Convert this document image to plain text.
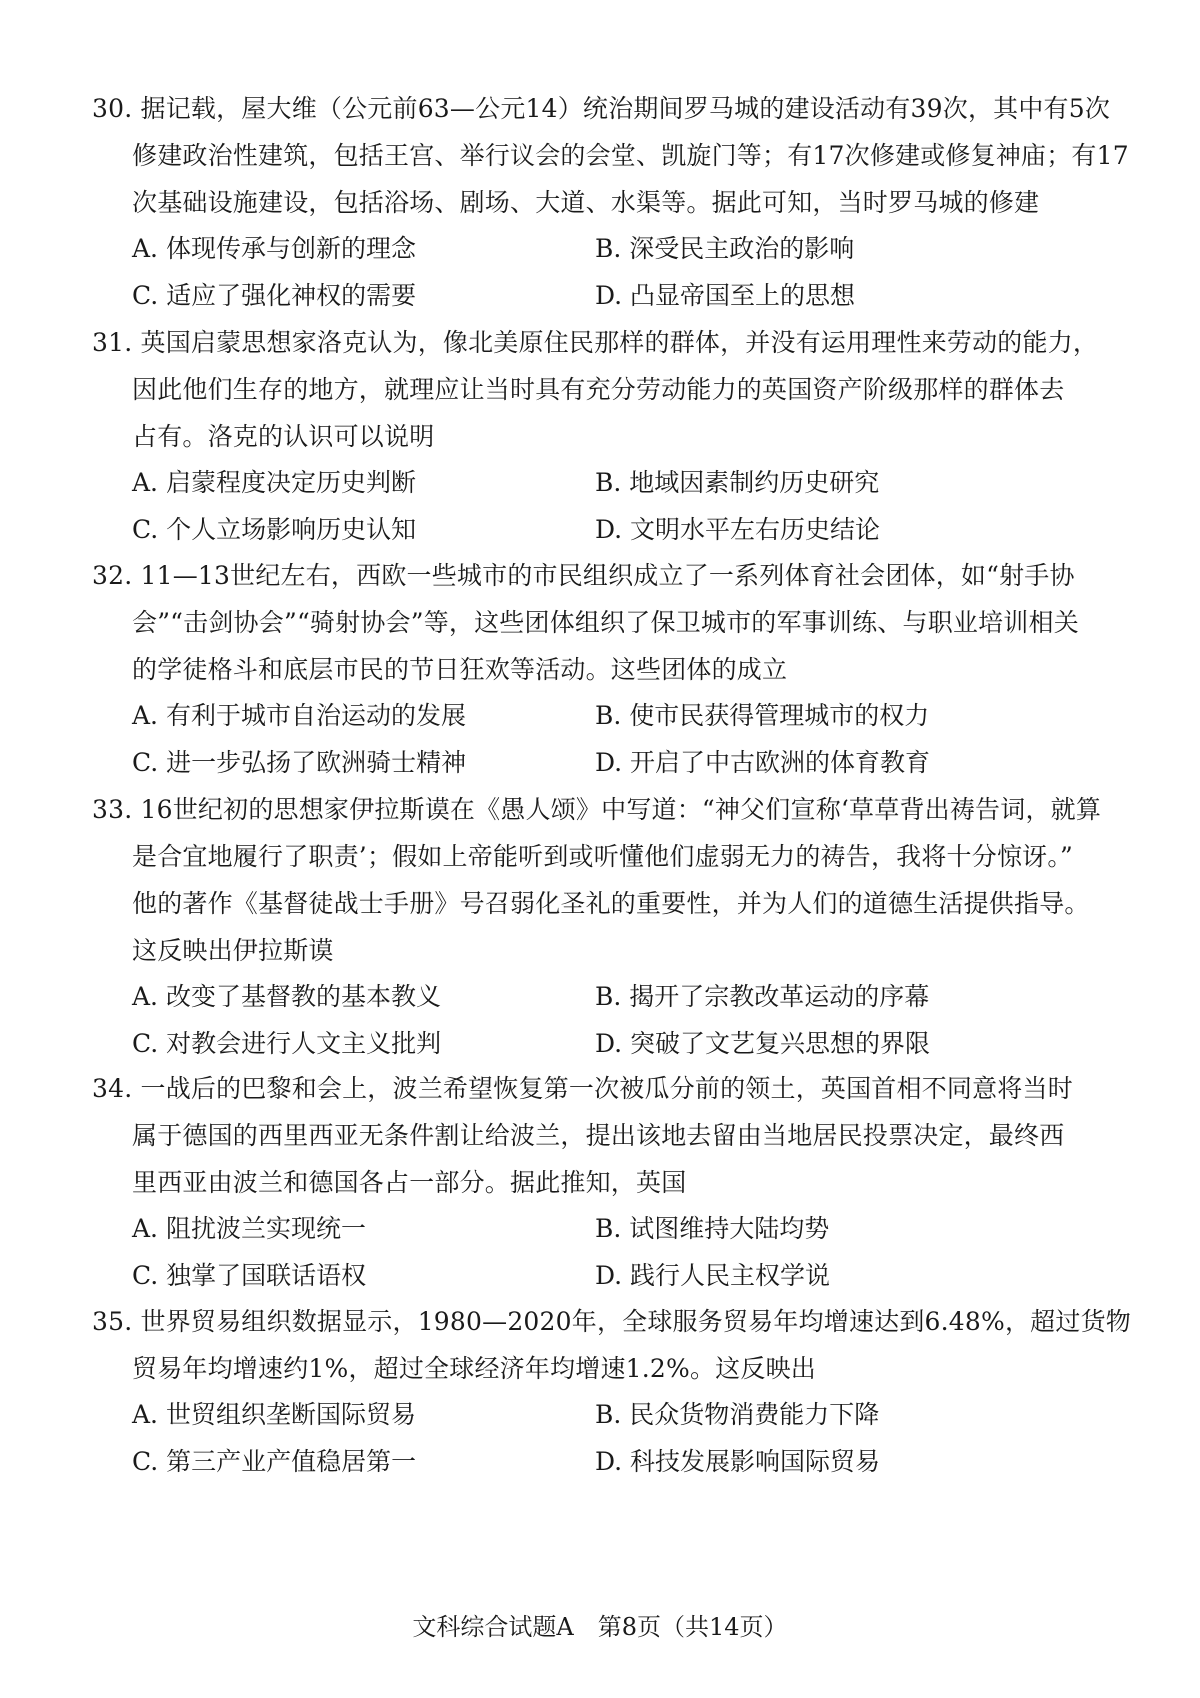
30. 据记载，屋大维（公元前63—公元14）统治期间罗马城的建设活动有39次，其中有5次
修建政治性建筑，包括王宫、举行议会的会堂、凯旋门等；有17次修建或修复神庙；有17
次基础设施建设，包括浴场、剧场、大道、水渠等。据此可知，当时罗马城的修建
A. 体现传承与创新的理念	B. 深受民主政治的影响
C. 适应了强化神权的需要	D. 凸显帝国至上的思想
31. 英国启蒙思想家洛克认为，像北美原住民那样的群体，并没有运用理性来劳动的能力，
因此他们生存的地方，就理应让当时具有充分劳动能力的英国资产阶级那样的群体去
占有。洛克的认识可以说明
A. 启蒙程度决定历史判断	B. 地域因素制约历史研究
C. 个人立场影响历史认知	D. 文明水平左右历史结论
32. 11—13世纪左右，西欧一些城市的市民组织成立了一系列体育社会团体，如“射手协
会”“击剑协会”“骑射协会”等，这些团体组织了保卫城市的军事训练、与职业培训相关
的学徒格斗和底层市民的节日狂欢等活动。这些团体的成立
A. 有利于城市自治运动的发展	B. 使市民获得管理城市的权力
C. 进一步弘扬了欧洲骑士精神	D. 开启了中古欧洲的体育教育
33. 16世纪初的思想家伊拉斯谟在《愚人颂》中写道：“神父们宣称‘草草背出祷告词，就算
是合宜地履行了职责’；假如上帝能听到或听懂他们虚弱无力的祷告，我将十分惊讶。”
他的著作《基督徒战士手册》号召弱化圣礼的重要性，并为人们的道德生活提供指导。
这反映出伊拉斯谟
A. 改变了基督教的基本教义	B. 揭开了宗教改革运动的序幕
C. 对教会进行人文主义批判	D. 突破了文艺复兴思想的界限
34. 一战后的巴黎和会上，波兰希望恢复第一次被瓜分前的领土，英国首相不同意将当时
属于德国的西里西亚无条件割让给波兰，提出该地去留由当地居民投票决定，最终西
里西亚由波兰和德国各占一部分。据此推知，英国
A. 阻扰波兰实现统一	B. 试图维持大陆均势
C. 独掌了国联话语权	D. 践行人民主权学说
35. 世界贸易组织数据显示，1980—2020年，全球服务贸易年均增速达到6.48%，超过货物
贸易年均增速约1%，超过全球经济年均增速1.2%。这反映出
A. 世贸组织垄断国际贸易	B. 民众货物消费能力下降
C. 第三产业产值稳居第一	D. 科技发展影响国际贸易
文科综合试题A　第8页（共14页）
